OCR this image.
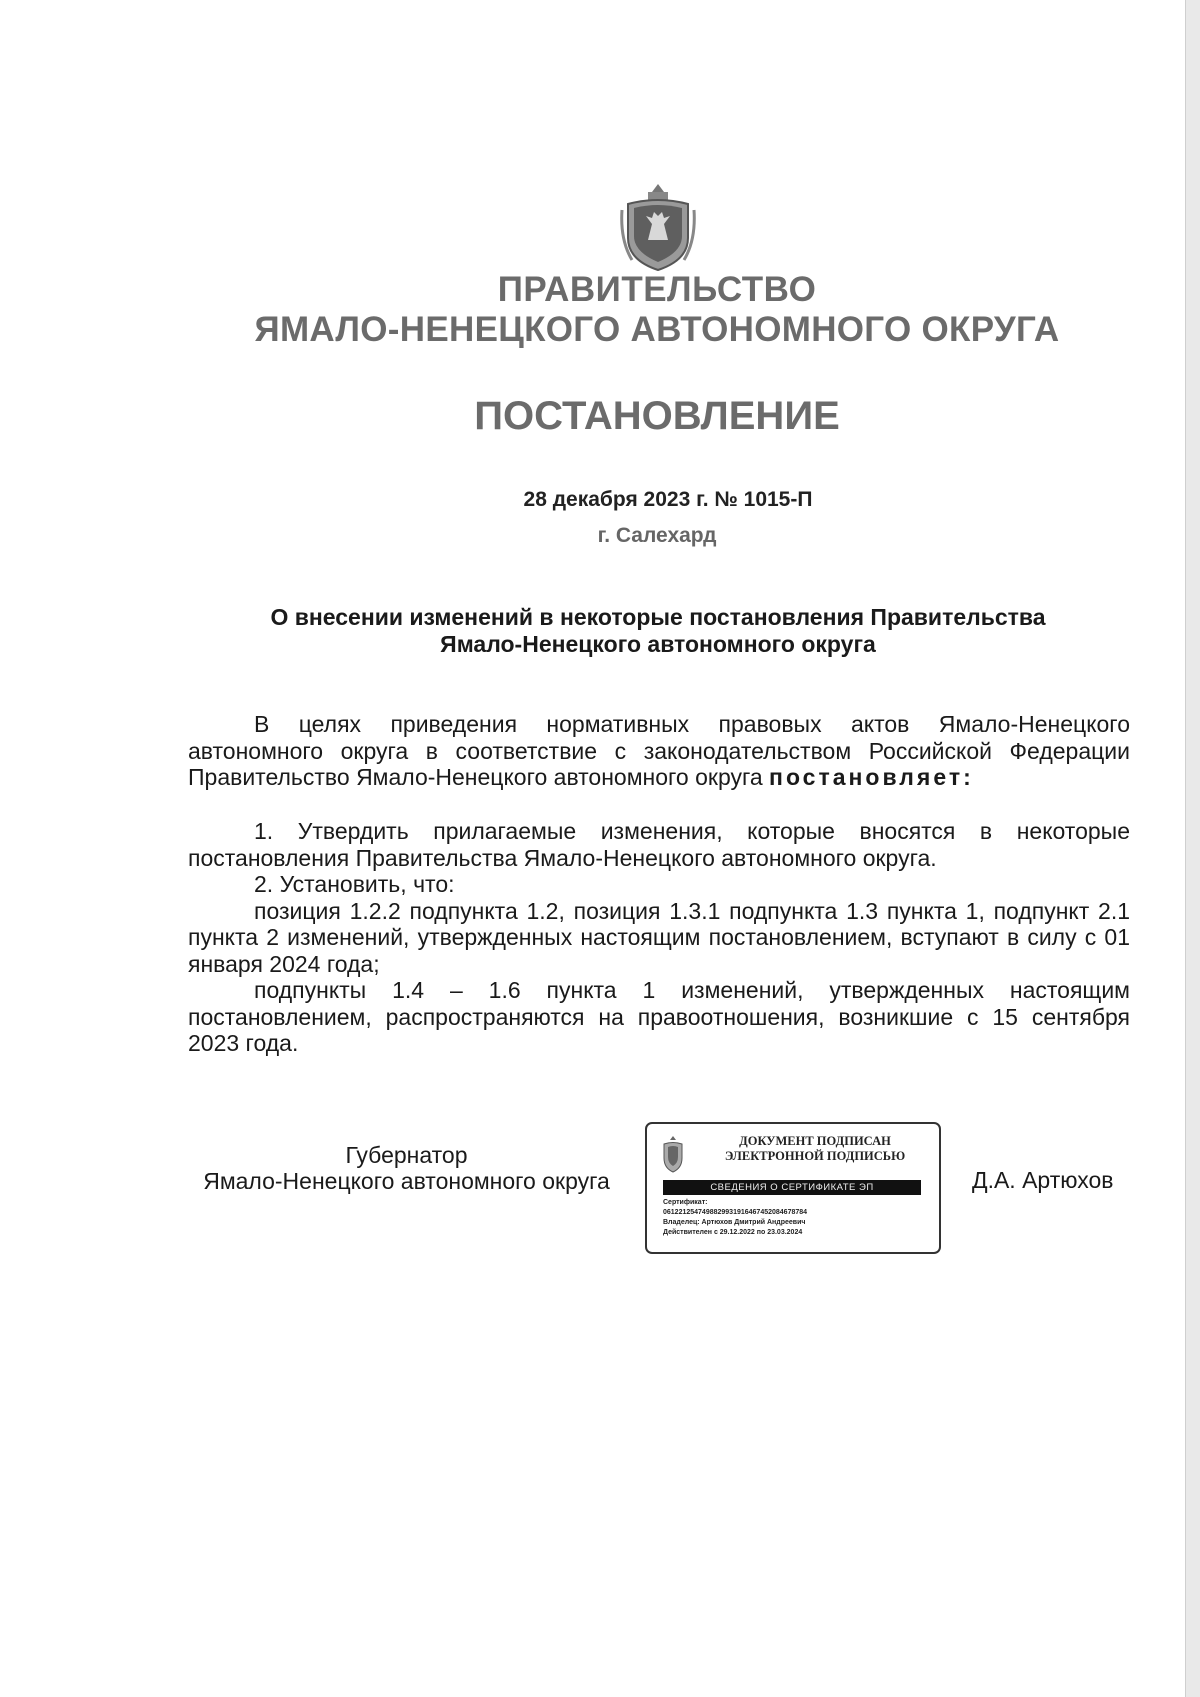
ПРАВИТЕЛЬСТВО
ЯМАЛО-НЕНЕЦКОГО АВТОНОМНОГО ОКРУГА
ПОСТАНОВЛЕНИЕ
28 декабря 2023 г. № 1015-П
г. Салехард
О внесении изменений в некоторые постановления Правительства
Ямало-Ненецкого автономного округа

В целях приведения нормативных правовых актов Ямало-Ненецкого автономного округа в соответствие с законодательством Российской Федерации Правительство Ямало-Ненецкого автономного округа постановляет:

1. Утвердить прилагаемые изменения, которые вносятся в некоторые постановления Правительства Ямало-Ненецкого автономного округа.

2. Установить, что:

позиция 1.2.2 подпункта 1.2, позиция 1.3.1 подпункта 1.3 пункта 1, подпункт 2.1 пункта 2 изменений, утвержденных настоящим постановлением, вступают в силу с 01 января 2024 года;

подпункты 1.4 – 1.6 пункта 1 изменений, утвержденных настоящим постановлением, распространяются на правоотношения, возникшие с 15 сентября 2023 года.

Губернатор
Ямало-Ненецкого автономного округа
ДОКУМЕНТ ПОДПИСАН
ЭЛЕКТРОННОЙ ПОДПИСЬЮ
СВЕДЕНИЯ О СЕРТИФИКАТЕ ЭП
Сертификат:
0612212547498829931916467452084678784
Владелец: Артюхов Дмитрий Андреевич
Действителен с 29.12.2022 по 23.03.2024
Д.А. Артюхов
